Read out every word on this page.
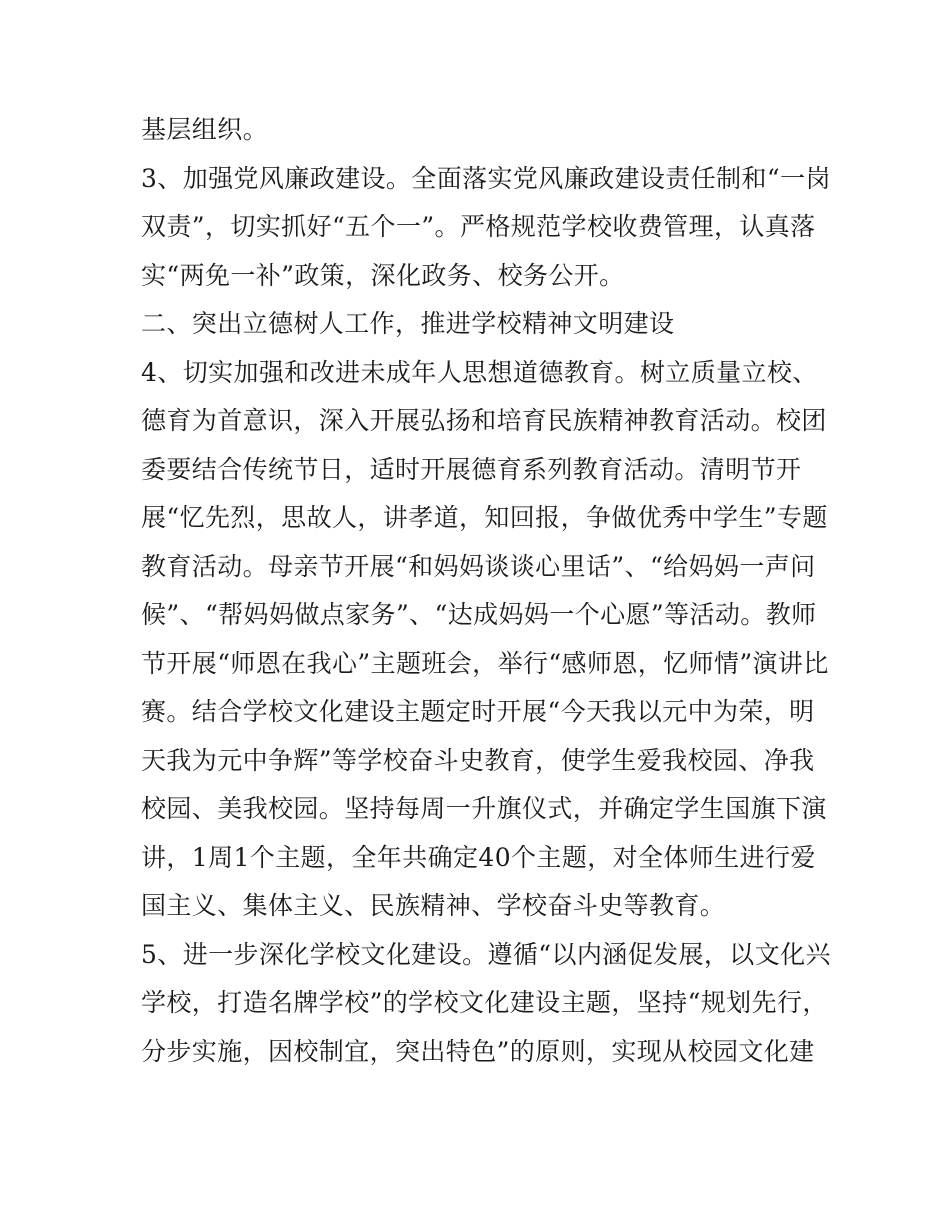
基层组织。

3、加强党风廉政建设。全面落实党风廉政建设责任制和“一岗
双责”，切实抓好“五个一”。严格规范学校收费管理，认真落
实“两免一补”政策，深化政务、校务公开。

二、突出立德树人工作，推进学校精神文明建设

4、切实加强和改进未成年人思想道德教育。树立质量立校、
德育为首意识，深入开展弘扬和培育民族精神教育活动。校团
委要结合传统节日，适时开展德育系列教育活动。清明节开
展“忆先烈，思故人，讲孝道，知回报，争做优秀中学生”专题
教育活动。母亲节开展“和妈妈谈谈心里话”、“给妈妈一声问
候”、“帮妈妈做点家务”、“达成妈妈一个心愿”等活动。教师
节开展“师恩在我心”主题班会，举行“感师恩，忆师情”演讲比
赛。结合学校文化建设主题定时开展“今天我以元中为荣，明
天我为元中争辉”等学校奋斗史教育，使学生爱我校园、净我
校园、美我校园。坚持每周一升旗仪式，并确定学生国旗下演
讲，1周1个主题，全年共确定40个主题，对全体师生进行爱
国主义、集体主义、民族精神、学校奋斗史等教育。

5、进一步深化学校文化建设。遵循“以内涵促发展，以文化兴
学校，打造名牌学校”的学校文化建设主题，坚持“规划先行，
分步实施，因校制宜，突出特色”的原则，实现从校园文化建
